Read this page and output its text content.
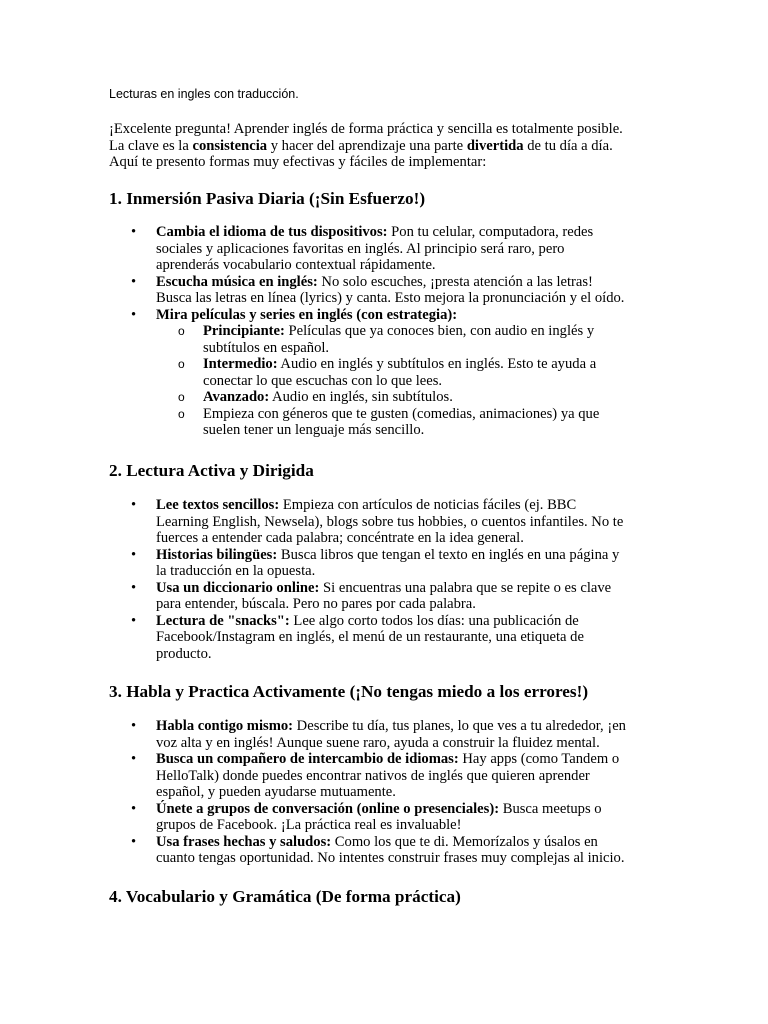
Lecturas en ingles con traducción.

¡Excelente pregunta! Aprender inglés de forma práctica y sencilla es totalmente posible.

La clave es la consistencia y hacer del aprendizaje una parte divertida de tu día a día.

Aquí te presento formas muy efectivas y fáciles de implementar:

1. Inmersión Pasiva Diaria (¡Sin Esfuerzo!)
• Cambia el idioma de tus dispositivos: Pon tu celular, computadora, redes
sociales y aplicaciones favoritas en inglés. Al principio será raro, pero
aprenderás vocabulario contextual rápidamente.
• Escucha música en inglés: No solo escuches, ¡presta atención a las letras!
Busca las letras en línea (lyrics) y canta. Esto mejora la pronunciación y el oído.
• Mira películas y series en inglés (con estrategia):
o Principiante: Películas que ya conoces bien, con audio en inglés y
subtítulos en español.
o Intermedio: Audio en inglés y subtítulos en inglés. Esto te ayuda a
conectar lo que escuchas con lo que lees.
o Avanzado: Audio en inglés, sin subtítulos.
o Empieza con géneros que te gusten (comedias, animaciones) ya que
suelen tener un lenguaje más sencillo.
2. Lectura Activa y Dirigida
• Lee textos sencillos: Empieza con artículos de noticias fáciles (ej. BBC
Learning English, Newsela), blogs sobre tus hobbies, o cuentos infantiles. No te
fuerces a entender cada palabra; concéntrate en la idea general.
• Historias bilingües: Busca libros que tengan el texto en inglés en una página y
la traducción en la opuesta.
• Usa un diccionario online: Si encuentras una palabra que se repite o es clave
para entender, búscala. Pero no pares por cada palabra.
• Lectura de "snacks": Lee algo corto todos los días: una publicación de
Facebook/Instagram en inglés, el menú de un restaurante, una etiqueta de
producto.
3. Habla y Practica Activamente (¡No tengas miedo a los errores!)
• Habla contigo mismo: Describe tu día, tus planes, lo que ves a tu alrededor, ¡en
voz alta y en inglés! Aunque suene raro, ayuda a construir la fluidez mental.
• Busca un compañero de intercambio de idiomas: Hay apps (como Tandem o
HelloTalk) donde puedes encontrar nativos de inglés que quieren aprender
español, y pueden ayudarse mutuamente.
• Únete a grupos de conversación (online o presenciales): Busca meetups o
grupos de Facebook. ¡La práctica real es invaluable!
• Usa frases hechas y saludos: Como los que te di. Memorízalos y úsalos en
cuanto tengas oportunidad. No intentes construir frases muy complejas al inicio.
4. Vocabulario y Gramática (De forma práctica)
